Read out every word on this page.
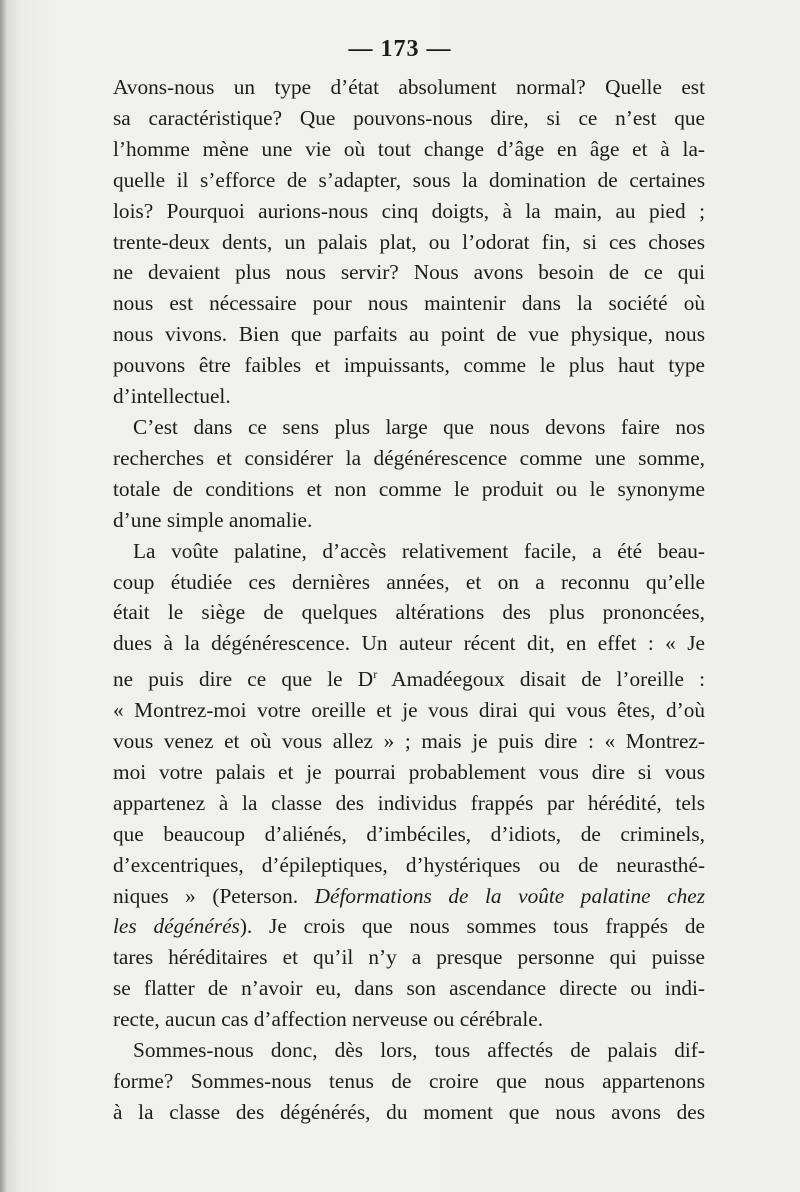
— 173 —
Avons-nous un type d’état absolument normal? Quelle est
sa caractéristique? Que pouvons-nous dire, si ce n’est que
l’homme mène une vie où tout change d’âge en âge et à la-
quelle il s’efforce de s’adapter, sous la domination de certaines
lois? Pourquoi aurions-nous cinq doigts, à la main, au pied ;
trente-deux dents, un palais plat, ou l’odorat fin, si ces choses
ne devaient plus nous servir? Nous avons besoin de ce qui
nous est nécessaire pour nous maintenir dans la société où
nous vivons. Bien que parfaits au point de vue physique, nous
pouvons être faibles et impuissants, comme le plus haut type
d’intellectuel.
C’est dans ce sens plus large que nous devons faire nos
recherches et considérer la dégénérescence comme une somme,
totale de conditions et non comme le produit ou le synonyme
d’une simple anomalie.
La voûte palatine, d’accès relativement facile, a été beau-
coup étudiée ces dernières années, et on a reconnu qu’elle
était le siège de quelques altérations des plus prononcées,
dues à la dégénérescence. Un auteur récent dit, en effet : « Je
ne puis dire ce que le $D^r$ Amadéegoux disait de l’oreille :
« Montrez-moi votre oreille et je vous dirai qui vous êtes, d’où
vous venez et où vous allez » ; mais je puis dire : « Montrez-
moi votre palais et je pourrai probablement vous dire si vous
appartenez à la classe des individus frappés par hérédité, tels
que beaucoup d’aliénés, d’imbéciles, d’idiots, de criminels,
d’excentriques, d’épileptiques, d’hystériques ou de neurasthé-
niques » (Peterson. Déformations de la voûte palatine chez
les dégénérés). Je crois que nous sommes tous frappés de
tares héréditaires et qu’il n’y a presque personne qui puisse
se flatter de n’avoir eu, dans son ascendance directe ou indi-
recte, aucun cas d’affection nerveuse ou cérébrale.
Sommes-nous donc, dès lors, tous affectés de palais dif-
forme? Sommes-nous tenus de croire que nous appartenons
à la classe des dégénérés, du moment que nous avons des
